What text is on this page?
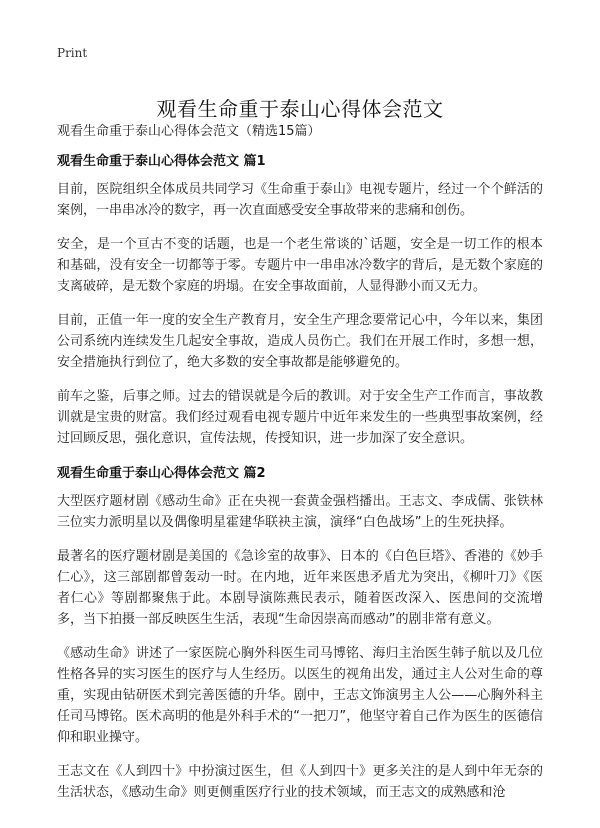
Print
观看生命重于泰山心得体会范文
观看生命重于泰山心得体会范文（精选15篇）
观看生命重于泰山心得体会范文 篇1

目前，医院组织全体成员共同学习《生命重于泰山》电视专题片，经过一个个鲜活的案例，一串串冰冷的数字，再一次直面感受安全事故带来的悲痛和创伤。

安全，是一个亘古不变的话题，也是一个老生常谈的`话题，安全是一切工作的根本和基础，没有安全一切都等于零。专题片中一串串冰冷数字的背后，是无数个家庭的支离破碎，是无数个家庭的坍塌。在安全事故面前，人显得渺小而又无力。

目前，正值一年一度的安全生产教育月，安全生产理念要常记心中，今年以来，集团公司系统内连续发生几起安全事故，造成人员伤亡。我们在开展工作时，多想一想，安全措施执行到位了，绝大多数的安全事故都是能够避免的。

前车之鉴，后事之师。过去的错误就是今后的教训。对于安全生产工作而言，事故教训就是宝贵的财富。我们经过观看电视专题片中近年来发生的一些典型事故案例，经过回顾反思，强化意识，宣传法规，传授知识，进一步加深了安全意识。

观看生命重于泰山心得体会范文 篇2

大型医疗题材剧《感动生命》正在央视一套黄金强档播出。王志文、李成儒、张铁林三位实力派明星以及偶像明星霍建华联袂主演，演绎“白色战场”上的生死抉择。

最著名的医疗题材剧是美国的《急诊室的故事》、日本的《白色巨塔》、香港的《妙手仁心》，这三部剧都曾轰动一时。在内地，近年来医患矛盾尤为突出，《柳叶刀》《医者仁心》等剧都聚焦于此。本剧导演陈燕民表示，随着医改深入、医患间的交流增多，当下拍摄一部反映医生生活，表现“生命因崇高而感动”的剧非常有意义。

《感动生命》讲述了一家医院心胸外科医生司马博铭、海归主治医生韩子航以及几位性格各异的实习医生的医疗与人生经历。以医生的视角出发，通过主人公对生命的尊重，实现由钻研医术到完善医德的升华。剧中，王志文饰演男主人公——心胸外科主任司马博铭。医术高明的他是外科手术的“一把刀”，他坚守着自己作为医生的医德信仰和职业操守。

王志文在《人到四十》中扮演过医生，但《人到四十》更多关注的是人到中年无奈的生活状态，《感动生命》则更侧重医疗行业的技术领域，而王志文的成熟感和沧
